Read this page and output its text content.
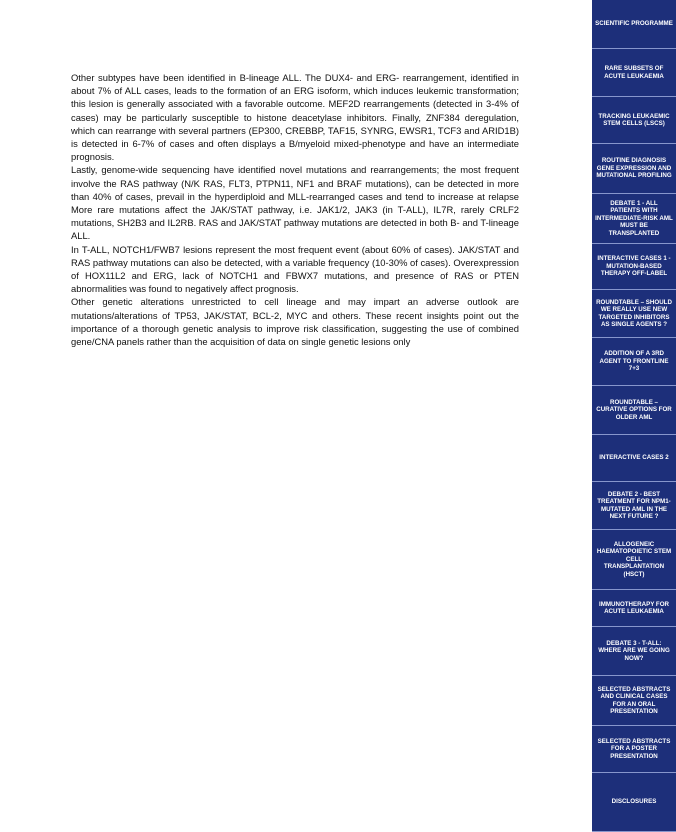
Other subtypes have been identified in B-lineage ALL. The DUX4- and ERG- rearrangement, identified in about 7% of ALL cases, leads to the formation of an ERG isoform, which induces leukemic transformation; this lesion is generally associated with a favorable outcome. MEF2D rearrangements (detected in 3-4% of cases) may be particularly susceptible to histone deacetylase inhibitors. Finally, ZNF384 deregulation, which can rearrange with several partners (EP300, CREBBP, TAF15, SYNRG, EWSR1, TCF3 and ARID1B) is detected in 6-7% of cases and often displays a B/myeloid mixed-phenotype and have an intermediate prognosis.

Lastly, genome-wide sequencing have identified novel mutations and rearrangements; the most frequent involve the RAS pathway (N/K RAS, FLT3, PTPN11, NF1 and BRAF mutations), can be detected in more than 40% of cases, prevail in the hyperdiploid and MLL-rearranged cases and tend to increase at relapse More rare mutations affect the JAK/STAT pathway, i.e. JAK1/2, JAK3 (in T-ALL), IL7R, rarely CRLF2 mutations, SH2B3 and IL2RB. RAS and JAK/STAT pathway mutations are detected in both B- and T-lineage ALL.

In T-ALL, NOTCH1/FWB7 lesions represent the most frequent event (about 60% of cases). JAK/STAT and RAS pathway mutations can also be detected, with a variable frequency (10-30% of cases). Overexpression of HOX11L2 and ERG, lack of NOTCH1 and FBWX7 mutations, and presence of RAS or PTEN abnormalities was found to negatively affect prognosis.

Other genetic alterations unrestricted to cell lineage and may impart an adverse outlook are mutations/alterations of TP53, JAK/STAT, BCL-2, MYC and others. These recent insights point out the importance of a thorough genetic analysis to improve risk classification, suggesting the use of combined gene/CNA panels rather than the acquisition of data on single genetic lesions only

SCIENTIFIC PROGRAMME
RARE SUBSETS OF ACUTE LEUKAEMIA
TRACKING LEUKAEMIC STEM CELLS (LSCS)
ROUTINE DIAGNOSIS GENE EXPRESSION AND MUTATIONAL PROFILING
DEBATE 1 - ALL PATIENTS WITH INTERMEDIATE-RISK AML MUST BE TRANSPLANTED
INTERACTIVE CASES 1 - MUTATION-BASED THERAPY OFF-LABEL
ROUNDTABLE – SHOULD WE REALLY USE NEW TARGETED INHIBITORS AS SINGLE AGENTS ?
ADDITION OF A 3RD AGENT TO FRONTLINE 7+3
ROUNDTABLE – CURATIVE OPTIONS FOR OLDER AML
INTERACTIVE CASES 2
DEBATE 2 - BEST TREATMENT FOR NPM1-MUTATED AML IN THE NEXT FUTURE ?
ALLOGENEIC HAEMATOPOIETIC STEM CELL TRANSPLANTATION (HSCT)
IMMUNOTHERAPY FOR ACUTE LEUKAEMIA
DEBATE 3 - T-ALL: WHERE ARE WE GOING NOW?
SELECTED ABSTRACTS AND CLINICAL CASES FOR AN ORAL PRESENTATION
SELECTED ABSTRACTS FOR A POSTER PRESENTATION
DISCLOSURES
